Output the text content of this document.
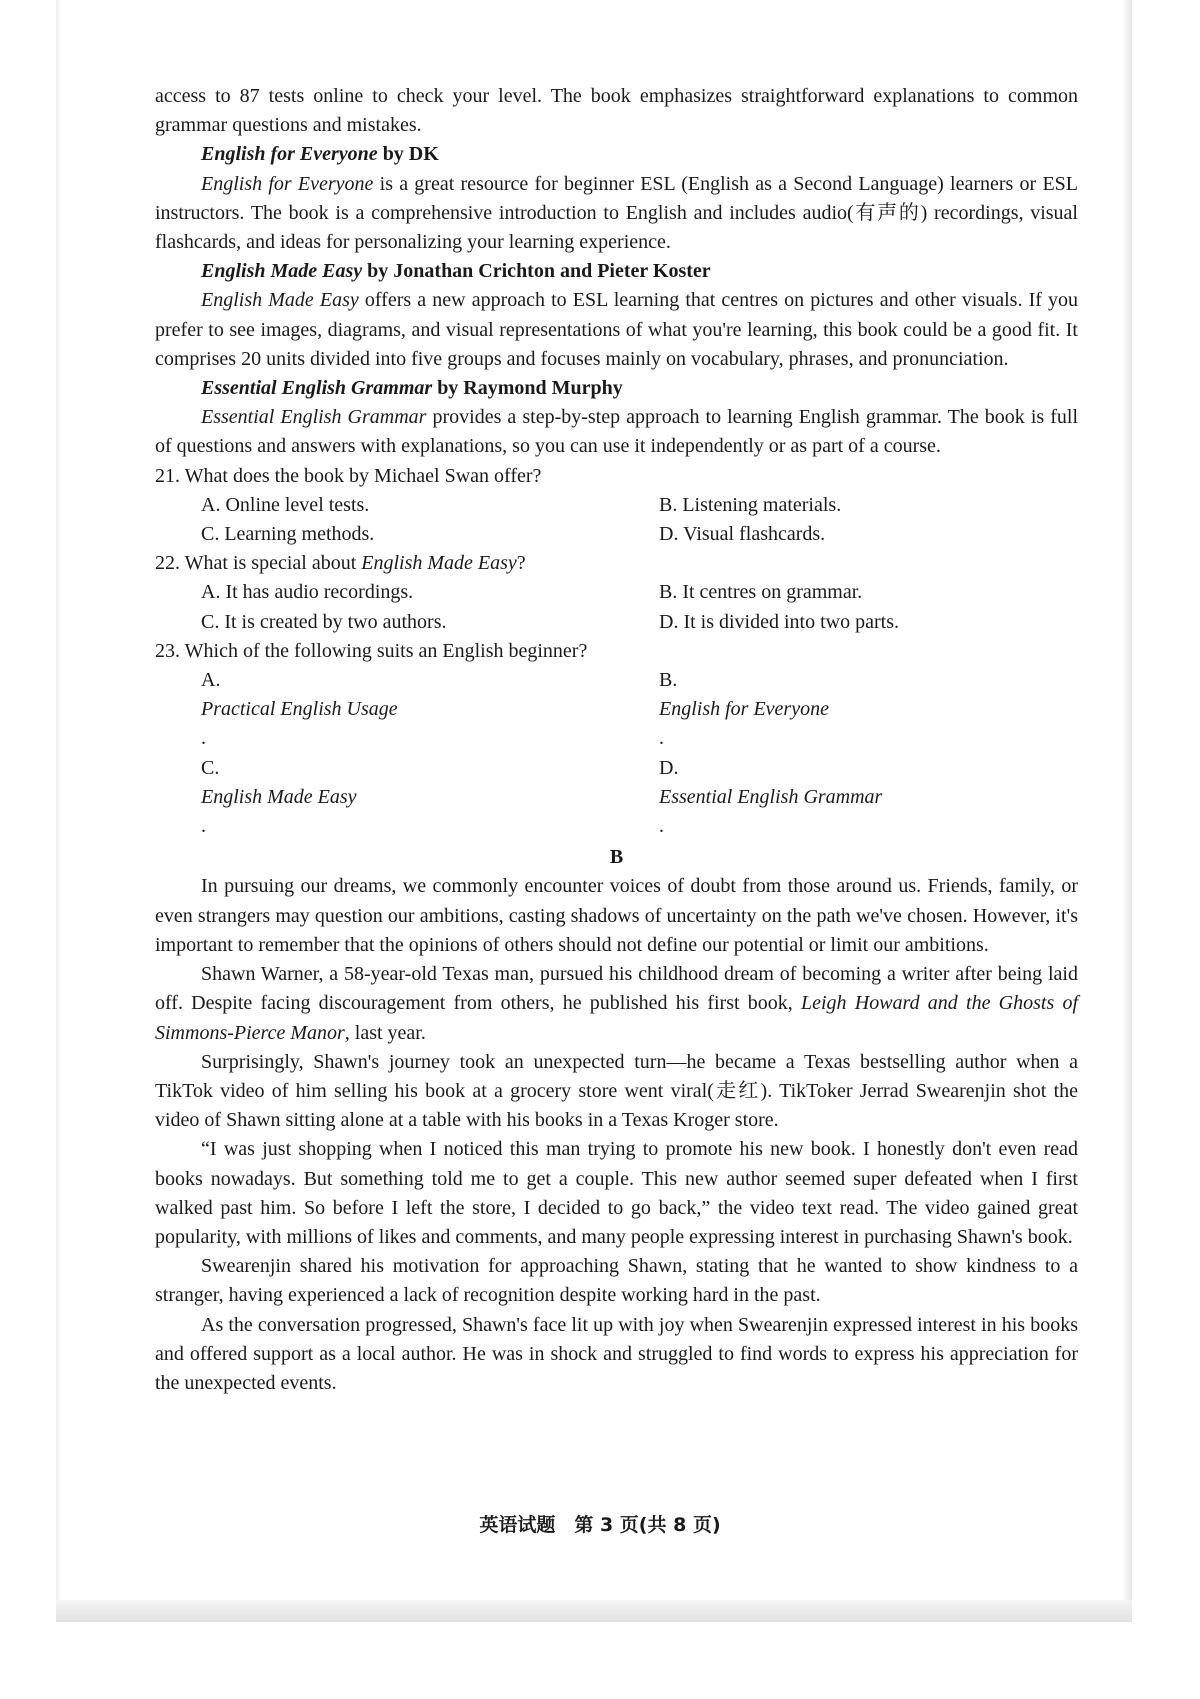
access to 87 tests online to check your level. The book emphasizes straightforward explanations to common grammar questions and mistakes.

English for Everyone by DK

English for Everyone is a great resource for beginner ESL (English as a Second Language) learners or ESL instructors. The book is a comprehensive introduction to English and includes audio(有声的) recordings, visual flashcards, and ideas for personalizing your learning experience.

English Made Easy by Jonathan Crichton and Pieter Koster

English Made Easy offers a new approach to ESL learning that centres on pictures and other visuals. If you prefer to see images, diagrams, and visual representations of what you're learning, this book could be a good fit. It comprises 20 units divided into five groups and focuses mainly on vocabulary, phrases, and pronunciation.

Essential English Grammar by Raymond Murphy

Essential English Grammar provides a step-by-step approach to learning English grammar. The book is full of questions and answers with explanations, so you can use it independently or as part of a course.

21. What does the book by Michael Swan offer?

A. Online level tests.	B. Listening materials.
C. Learning methods.	D. Visual flashcards.

22. What is special about English Made Easy?

A. It has audio recordings.	B. It centres on grammar.
C. It is created by two authors.	D. It is divided into two parts.

23. Which of the following suits an English beginner?

A.
Practical English Usage
.
B.
English for Everyone
.
C.
English Made Easy
.
D.
Essential English Grammar
.

B

In pursuing our dreams, we commonly encounter voices of doubt from those around us. Friends, family, or even strangers may question our ambitions, casting shadows of uncertainty on the path we've chosen. However, it's important to remember that the opinions of others should not define our potential or limit our ambitions.

Shawn Warner, a 58-year-old Texas man, pursued his childhood dream of becoming a writer after being laid off. Despite facing discouragement from others, he published his first book, Leigh Howard and the Ghosts of Simmons-Pierce Manor, last year.

Surprisingly, Shawn's journey took an unexpected turn—he became a Texas bestselling author when a TikTok video of him selling his book at a grocery store went viral(走红). TikToker Jerrad Swearenjin shot the video of Shawn sitting alone at a table with his books in a Texas Kroger store.

“I was just shopping when I noticed this man trying to promote his new book. I honestly don't even read books nowadays. But something told me to get a couple. This new author seemed super defeated when I first walked past him. So before I left the store, I decided to go back,” the video text read. The video gained great popularity, with millions of likes and comments, and many people expressing interest in purchasing Shawn's book.

Swearenjin shared his motivation for approaching Shawn, stating that he wanted to show kindness to a stranger, having experienced a lack of recognition despite working hard in the past.

As the conversation progressed, Shawn's face lit up with joy when Swearenjin expressed interest in his books and offered support as a local author. He was in shock and struggled to find words to express his appreciation for the unexpected events.

英语试题　第 3 页(共 8 页)
